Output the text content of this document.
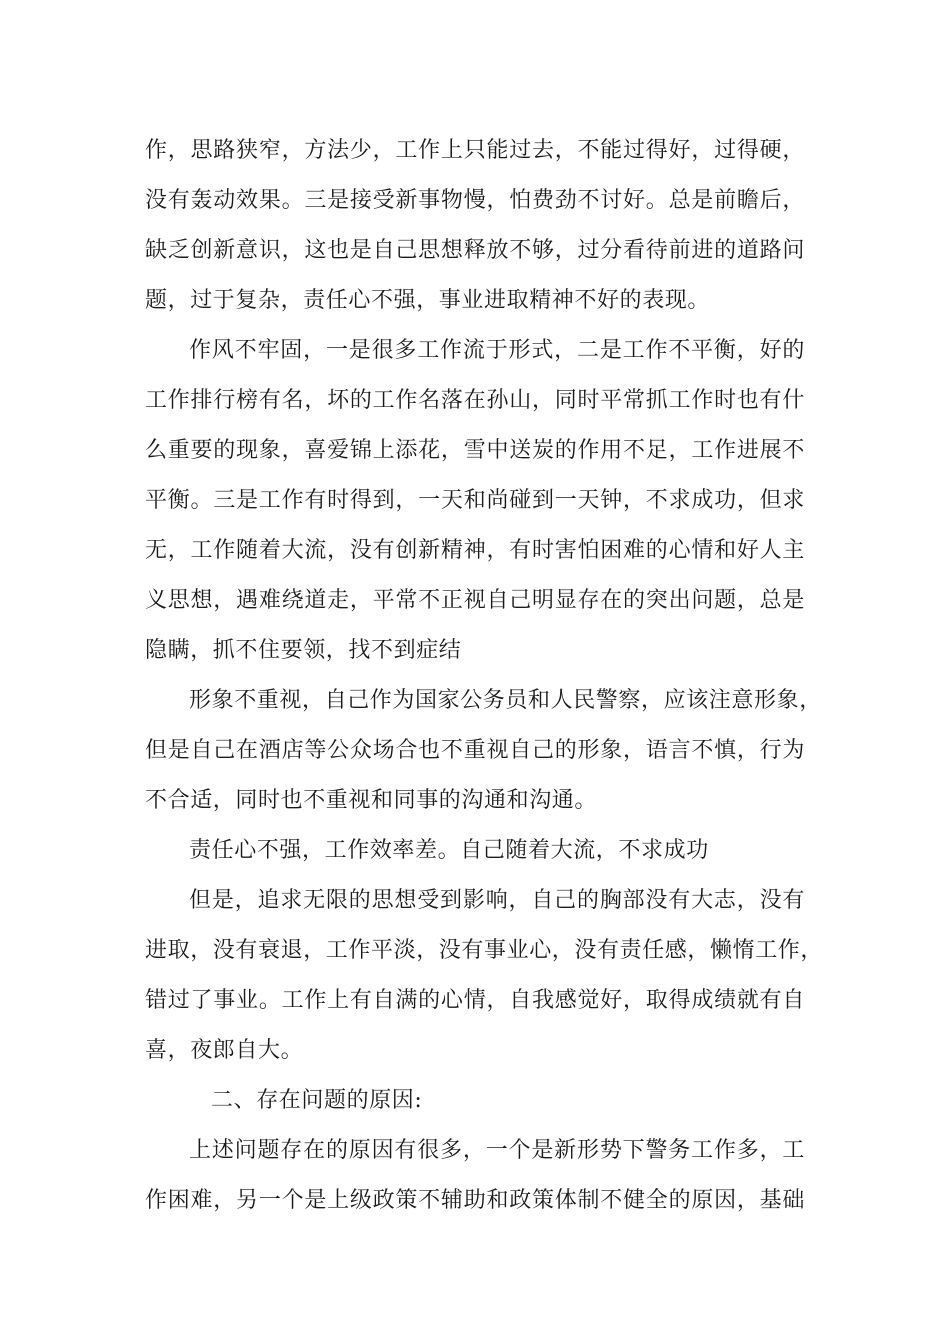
作，思路狭窄，方法少，工作上只能过去，不能过得好，过得硬，
没有轰动效果。三是接受新事物慢，怕费劲不讨好。总是前瞻后，
缺乏创新意识，这也是自己思想释放不够，过分看待前进的道路问
题，过于复杂，责任心不强，事业进取精神不好的表现。
作风不牢固，一是很多工作流于形式，二是工作不平衡，好的
工作排行榜有名，坏的工作名落在孙山，同时平常抓工作时也有什
么重要的现象，喜爱锦上添花，雪中送炭的作用不足，工作进展不
平衡。三是工作有时得到，一天和尚碰到一天钟，不求成功，但求
无，工作随着大流，没有创新精神，有时害怕困难的心情和好人主
义思想，遇难绕道走，平常不正视自己明显存在的突出问题，总是
隐瞒，抓不住要领，找不到症结
形象不重视，自己作为国家公务员和人民警察，应该注意形象，
但是自己在酒店等公众场合也不重视自己的形象，语言不慎，行为
不合适，同时也不重视和同事的沟通和沟通。
责任心不强，工作效率差。自己随着大流，不求成功
但是，追求无限的思想受到影响，自己的胸部没有大志，没有
进取，没有衰退，工作平淡，没有事业心，没有责任感，懒惰工作，
错过了事业。工作上有自满的心情，自我感觉好，取得成绩就有自
喜，夜郎自大。
二、存在问题的原因:
上述问题存在的原因有很多，一个是新形势下警务工作多，工
作困难，另一个是上级政策不辅助和政策体制不健全的原因，基础
